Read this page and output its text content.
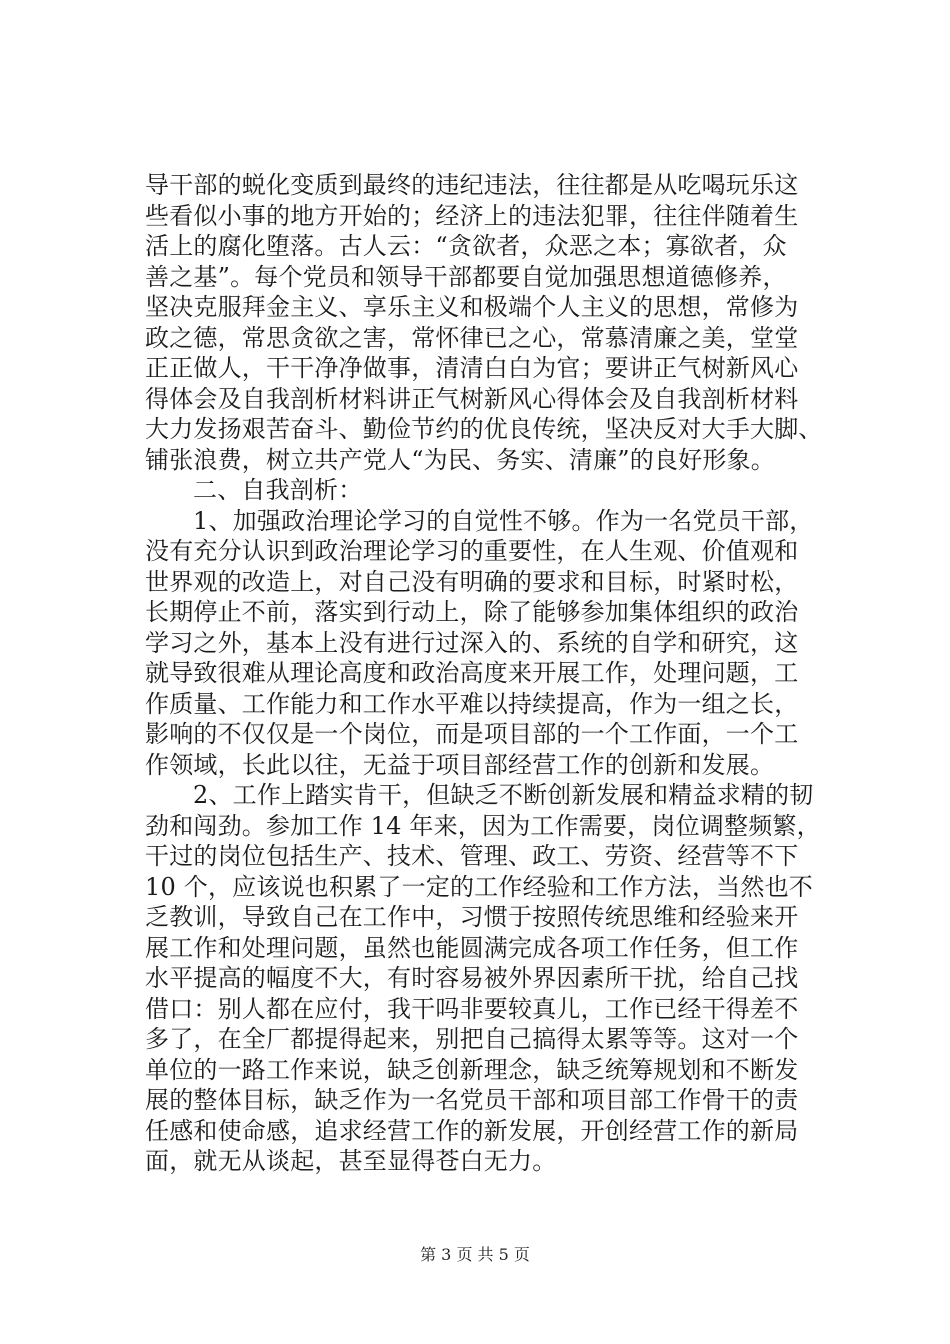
导干部的蜕化变质到最终的违纪违法，往往都是从吃喝玩乐这
些看似小事的地方开始的；经济上的违法犯罪，往往伴随着生
活上的腐化堕落。古人云：“贪欲者，众恶之本；寡欲者，众
善之基”。每个党员和领导干部都要自觉加强思想道德修养，
坚决克服拜金主义、享乐主义和极端个人主义的思想，常修为
政之德，常思贪欲之害，常怀律已之心，常慕清廉之美，堂堂
正正做人，干干净净做事，清清白白为官；要讲正气树新风心
得体会及自我剖析材料讲正气树新风心得体会及自我剖析材料
大力发扬艰苦奋斗、勤俭节约的优良传统，坚决反对大手大脚、
铺张浪费，树立共产党人“为民、务实、清廉”的良好形象。
二、自我剖析：
1、加强政治理论学习的自觉性不够。作为一名党员干部，
没有充分认识到政治理论学习的重要性，在人生观、价值观和
世界观的改造上，对自己没有明确的要求和目标，时紧时松，
长期停止不前，落实到行动上，除了能够参加集体组织的政治
学习之外，基本上没有进行过深入的、系统的自学和研究，这
就导致很难从理论高度和政治高度来开展工作，处理问题，工
作质量、工作能力和工作水平难以持续提高，作为一组之长，
影响的不仅仅是一个岗位，而是项目部的一个工作面，一个工
作领域，长此以往，无益于项目部经营工作的创新和发展。
2、工作上踏实肯干，但缺乏不断创新发展和精益求精的韧
劲和闯劲。参加工作 14 年来，因为工作需要，岗位调整频繁，
干过的岗位包括生产、技术、管理、政工、劳资、经营等不下
10 个，应该说也积累了一定的工作经验和工作方法，当然也不
乏教训，导致自己在工作中，习惯于按照传统思维和经验来开
展工作和处理问题，虽然也能圆满完成各项工作任务，但工作
水平提高的幅度不大，有时容易被外界因素所干扰，给自己找
借口：别人都在应付，我干吗非要较真儿，工作已经干得差不
多了，在全厂都提得起来，别把自己搞得太累等等。这对一个
单位的一路工作来说，缺乏创新理念，缺乏统筹规划和不断发
展的整体目标，缺乏作为一名党员干部和项目部工作骨干的责
任感和使命感，追求经营工作的新发展，开创经营工作的新局
面，就无从谈起，甚至显得苍白无力。
第 3 页 共 5 页
